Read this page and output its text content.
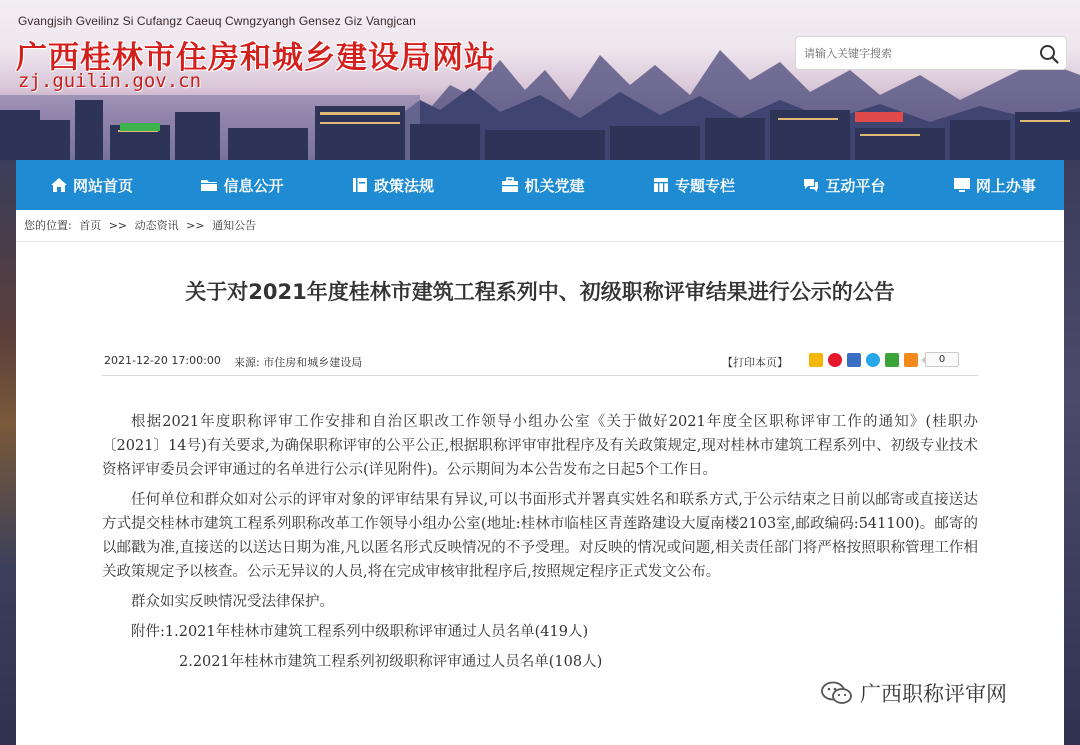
Gvangjsih Gveilinz Si Cufangz Caeuq Cwngzyangh Gensez Giz Vangjcan
广西桂林市住房和城乡建设局网站
zj.guilin.gov.cn
请输入关键字搜索
网站首页	信息公开	政策法规	机关党建	专题专栏	互动平台	网上办事
您的位置: 首页 >> 动态资讯 >> 通知公告
关于对2021年度桂林市建筑工程系列中、初级职称评审结果进行公示的公告
2021-12-20 17:00:00 来源: 市住房和城乡建设局	【打印本页】	0

根据2021年度职称评审工作安排和自治区职改工作领导小组办公室《关于做好2021年度全区职称评审工作的通知》(桂职办〔2021〕14号)有关要求,为确保职称评审的公平公正,根据职称评审审批程序及有关政策规定,现对桂林市建筑工程系列中、初级专业技术资格评审委员会评审通过的名单进行公示(详见附件)。公示期间为本公告发布之日起5个工作日。

任何单位和群众如对公示的评审对象的评审结果有异议,可以书面形式并署真实姓名和联系方式,于公示结束之日前以邮寄或直接送达方式提交桂林市建筑工程系列职称改革工作领导小组办公室(地址:桂林市临桂区青莲路建设大厦南楼2103室,邮政编码:541100)。邮寄的以邮戳为准,直接送的以送达日期为准,凡以匿名形式反映情况的不予受理。对反映的情况或问题,相关责任部门将严格按照职称管理工作相关政策规定予以核查。公示无异议的人员,将在完成审核审批程序后,按照规定程序正式发文公布。

群众如实反映情况受法律保护。

附件:1.2021年桂林市建筑工程系列中级职称评审通过人员名单(419人)

2.2021年桂林市建筑工程系列初级职称评审通过人员名单(108人)

广西职称评审网
